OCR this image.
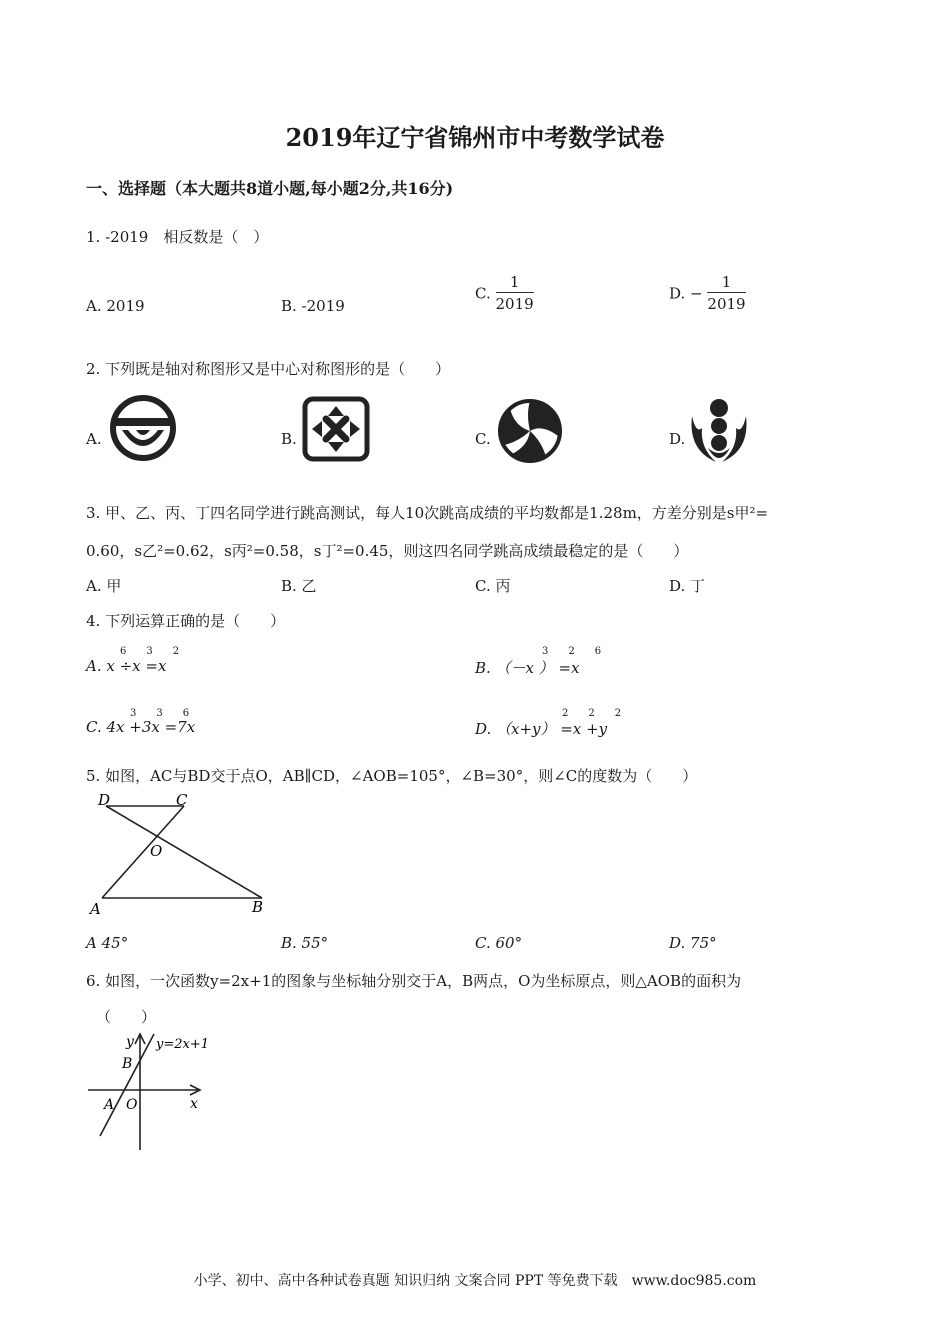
2019年辽宁省锦州市中考数学试卷
一、选择题（本大题共8道小题,每小题2分,共16分)
1. -2019　相反数是（　）
A. 2019	B. -2019
C. $\frac{1}{2019}$	D. − $\frac{1}{2019}$
2. 下列既是轴对称图形又是中心对称图形的是（　　）
A.	B.	C.	D.
3. 甲、乙、丙、丁四名同学进行跳高测试，每人10次跳高成绩的平均数都是1.28m，方差分别是s甲²=
0.60，s乙²=0.62，s丙²=0.58，s丁²=0.45，则这四名同学跳高成绩最稳定的是（　　）
A. 甲	B. 乙	C. 丙	D. 丁
4. 下列运算正确的是（　　）
6　　3　　2
A. x ÷x =x
3　　2　　6
B. （－x ） =x
3　　3　　6
C. 4x +3x =7x
2　　2　　2
D. （x+y） =x +y
5. 如图，AC与BD交于点O，AB∥CD，∠AOB=105°，∠B=30°，则∠C的度数为（　　）
D	C
O
A	B
A 45°	B. 55°	C. 60°	D. 75°
6. 如图，一次函数y=2x+1的图象与坐标轴分别交于A，B两点，O为坐标原点，则△AOB的面积为
（　　）
y y=2x+1
B
A O	x
小学、初中、高中各种试卷真题 知识归纳 文案合同 PPT 等免费下载　www.doc985.com
